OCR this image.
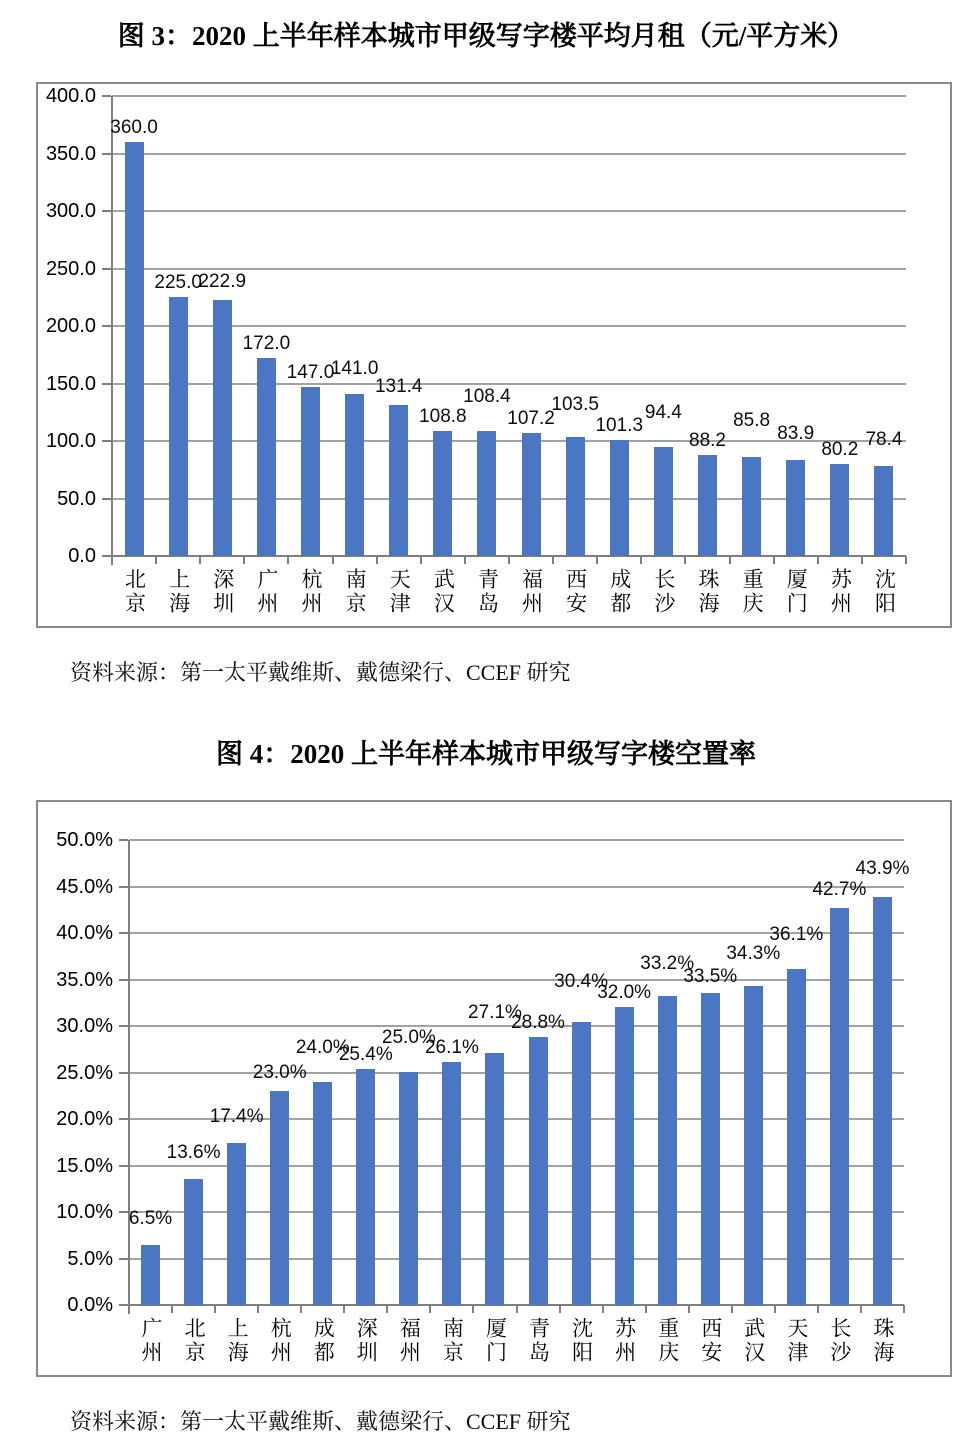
图 3：2020 上半年样本城市甲级写字楼平均月租（元/平方米）
0.0
50.0
100.0
150.0
200.0
250.0
300.0
350.0
400.0
360.0
北京
225.0
上海
222.9
深圳
172.0
广州
147.0
杭州
141.0
南京
131.4
天津
108.8
武汉
108.4
青岛
107.2
福州
103.5
西安
101.3
成都
94.4
长沙
88.2
珠海
85.8
重庆
83.9
厦门
80.2
苏州
78.4
沈阳

资料来源：第一太平戴维斯、戴德梁行、CCEF 研究

图 4：2020 上半年样本城市甲级写字楼空置率
0.0%
5.0%
10.0%
15.0%
20.0%
25.0%
30.0%
35.0%
40.0%
45.0%
50.0%
6.5%
广州
13.6%
北京
17.4%
上海
23.0%
杭州
24.0%
成都
25.4%
深圳
25.0%
福州
26.1%
南京
27.1%
厦门
28.8%
青岛
30.4%
沈阳
32.0%
苏州
33.2%
重庆
33.5%
西安
34.3%
武汉
36.1%
天津
42.7%
长沙
43.9%
珠海

资料来源：第一太平戴维斯、戴德梁行、CCEF 研究
